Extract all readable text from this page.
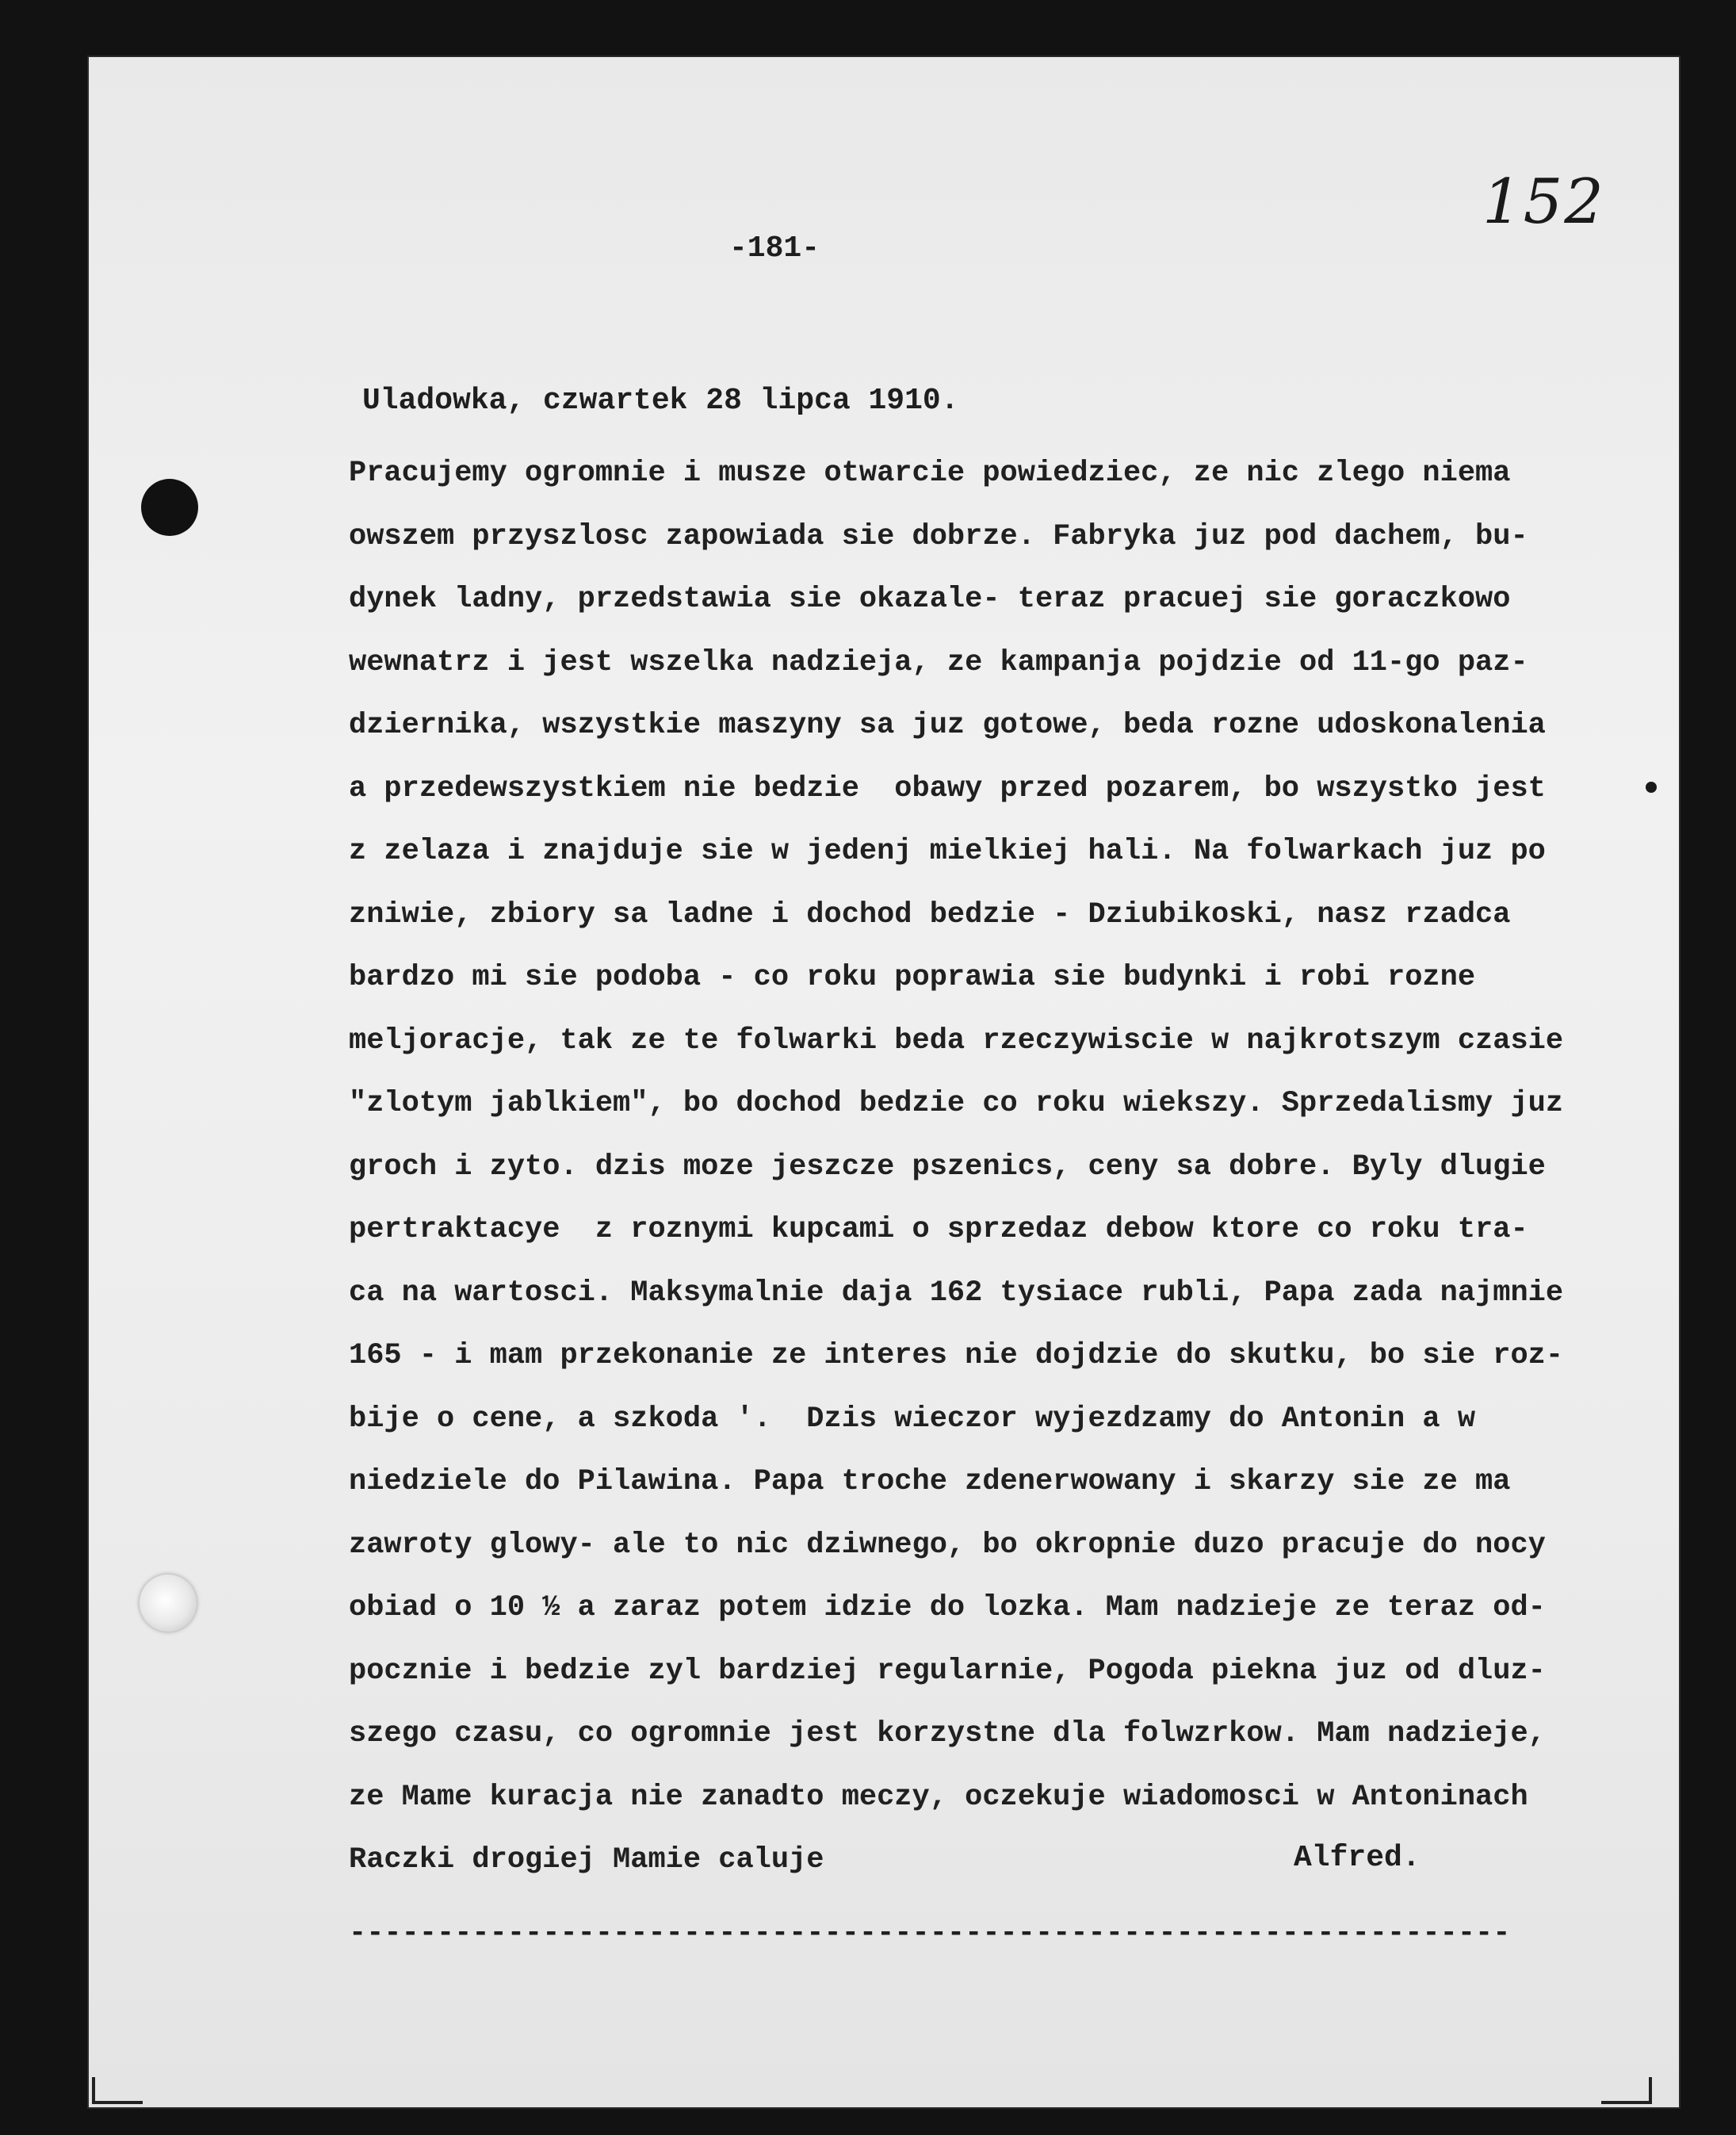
152
-181-
Uladowka, czwartek 28 lipca 1910.
Pracujemy ogromnie i musze otwarcie powiedziec, ze nic zlego niema
owszem przyszlosc zapowiada sie dobrze. Fabryka juz pod dachem, bu-
dynek ladny, przedstawia sie okazale- teraz pracuej sie goraczkowo
wewnatrz i jest wszelka nadzieja, ze kampanja pojdzie od 11-go paz-
dziernika, wszystkie maszyny sa juz gotowe, beda rozne udoskonalenia
a przedewszystkiem nie bedzie  obawy przed pozarem, bo wszystko jest
z zelaza i znajduje sie w jedenj mielkiej hali. Na folwarkach juz po
zniwie, zbiory sa ladne i dochod bedzie - Dziubikoski, nasz rzadca
bardzo mi sie podoba - co roku poprawia sie budynki i robi rozne
meljoracje, tak ze te folwarki beda rzeczywiscie w najkrotszym czasie
"zlotym jablkiem", bo dochod bedzie co roku wiekszy. Sprzedalismy juz
groch i zyto. dzis moze jeszcze pszenics, ceny sa dobre. Byly dlugie
pertraktacye  z roznymi kupcami o sprzedaz debow ktore co roku tra-
ca na wartosci. Maksymalnie daja 162 tysiace rubli, Papa zada najmnie
165 - i mam przekonanie ze interes nie dojdzie do skutku, bo sie roz-
bije o cene, a szkoda '.  Dzis wieczor wyjezdzamy do Antonin a w
niedziele do Pilawina. Papa troche zdenerwowany i skarzy sie ze ma
zawroty glowy- ale to nic dziwnego, bo okropnie duzo pracuje do nocy
obiad o 10 ½ a zaraz potem idzie do lozka. Mam nadzieje ze teraz od-
pocznie i bedzie zyl bardziej regularnie, Pogoda piekna juz od dluz-
szego czasu, co ogromnie jest korzystne dla folwzrkow. Mam nadzieje,
ze Mame kuracja nie zanadto meczy, oczekuje wiadomosci w Antoninach
Raczki drogiej Mamie caluje	Alfred.
------------------------------------------------------------------
